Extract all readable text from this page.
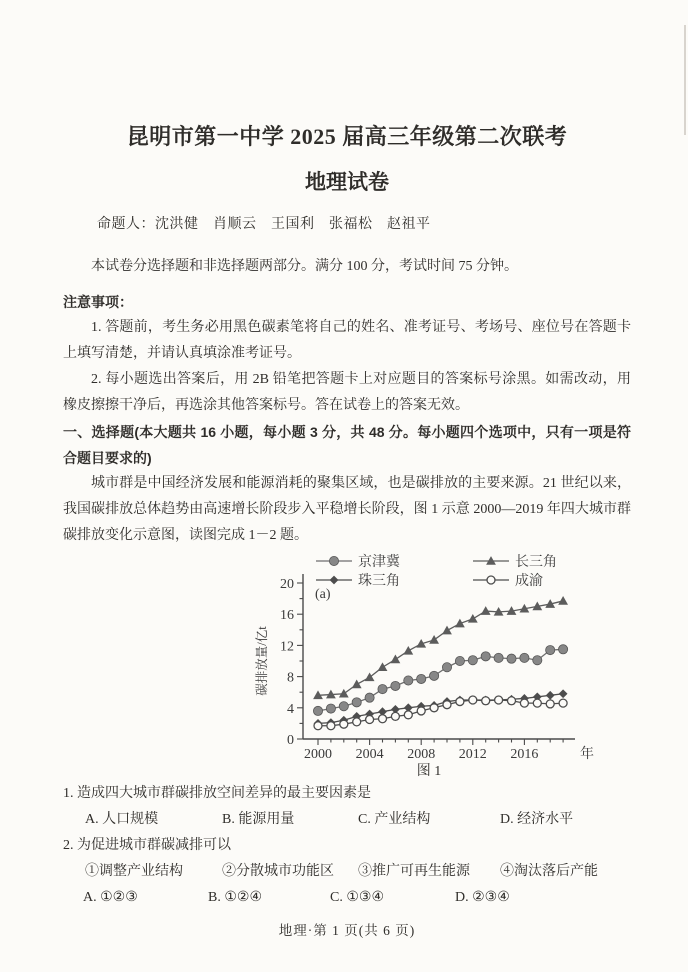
昆明市第一中学 2025 届高三年级第二次联考
地理试卷
命题人：沈洪健　肖顺云　王国利　张福松　赵祖平
本试卷分选择题和非选择题两部分。满分 100 分，考试时间 75 分钟。
注意事项：
1. 答题前，考生务必用黑色碳素笔将自己的姓名、准考证号、考场号、座位号在答题卡上填写清楚，并请认真填涂准考证号。
2. 每小题选出答案后，用 2B 铅笔把答题卡上对应题目的答案标号涂黑。如需改动，用橡皮擦擦干净后，再选涂其他答案标号。答在试卷上的答案无效。
一、选择题(本大题共 16 小题，每小题 3 分，共 48 分。每小题四个选项中，只有一项是符合题目要求的)
城市群是中国经济发展和能源消耗的聚集区域，也是碳排放的主要来源。21 世纪以来，我国碳排放总体趋势由高速增长阶段步入平稳增长阶段，图 1 示意 2000—2019 年四大城市群碳排放变化示意图，读图完成 1－2 题。
0
4
8
12
16
20
2000 2004 2008 2012 2016	年
碳排放量/亿t
(a)
京津冀	长三角
珠三角	成渝
图 1
1. 造成四大城市群碳排放空间差异的最主要因素是
A. 人口规模	B. 能源用量	C. 产业结构	D. 经济水平
2. 为促进城市群碳减排可以
①调整产业结构	②分散城市功能区	③推广可再生能源	④淘汰落后产能
A. ①②③	B. ①②④	C. ①③④	D. ②③④
地理·第 1 页(共 6 页)
